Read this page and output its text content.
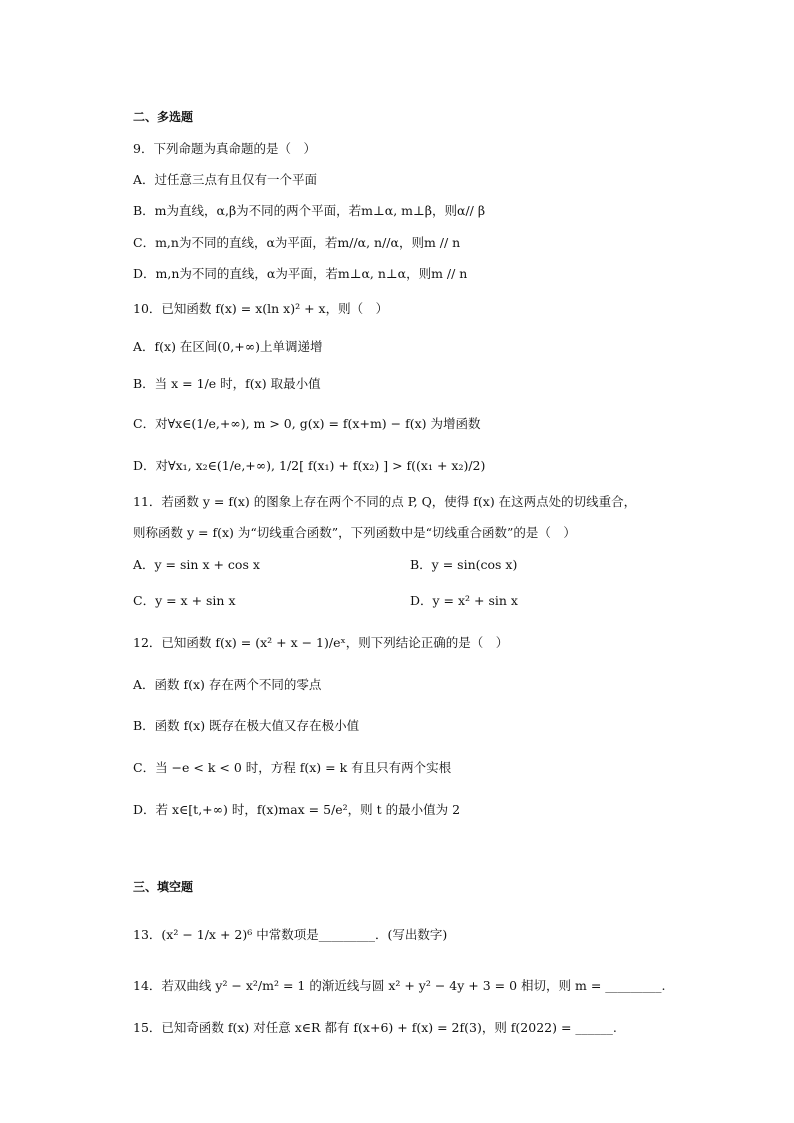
二、多选题
9．下列命题为真命题的是（　）
A．过任意三点有且仅有一个平面
B．m为直线，α,β为不同的两个平面，若m⊥α, m⊥β，则α// β
C．m,n为不同的直线，α为平面，若m//α, n//α，则m // n
D．m,n为不同的直线，α为平面，若m⊥α, n⊥α，则m // n
10．已知函数 f(x) = x(ln x)² + x，则（　）
A．f(x) 在区间(0,+∞)上单调递增
B．当 x = 1/e 时，f(x) 取最小值
C．对∀x∈(1/e,+∞), m > 0, g(x) = f(x+m) − f(x) 为增函数
D．对∀x₁, x₂∈(1/e,+∞), 1/2[ f(x₁) + f(x₂) ] > f((x₁ + x₂)/2)
11．若函数 y = f(x) 的图象上存在两个不同的点 P, Q，使得 f(x) 在这两点处的切线重合，
则称函数 y = f(x) 为“切线重合函数”，下列函数中是“切线重合函数”的是（　）
A．y = sin x + cos x	B．y = sin(cos x)
C．y = x + sin x	D．y = x² + sin x
12．已知函数 f(x) = (x² + x − 1)/eˣ，则下列结论正确的是（　）
A．函数 f(x) 存在两个不同的零点
B．函数 f(x) 既存在极大值又存在极小值
C．当 −e < k < 0 时，方程 f(x) = k 有且只有两个实根
D．若 x∈[t,+∞) 时，f(x)max = 5/e²，则 t 的最小值为 2
三、填空题
13．(x² − 1/x + 2)⁶ 中常数项是_________．(写出数字)
14．若双曲线 y² − x²/m² = 1 的渐近线与圆 x² + y² − 4y + 3 = 0 相切，则 m = _________.
15．已知奇函数 f(x) 对任意 x∈R 都有 f(x+6) + f(x) = 2f(3)，则 f(2022) = ______.
